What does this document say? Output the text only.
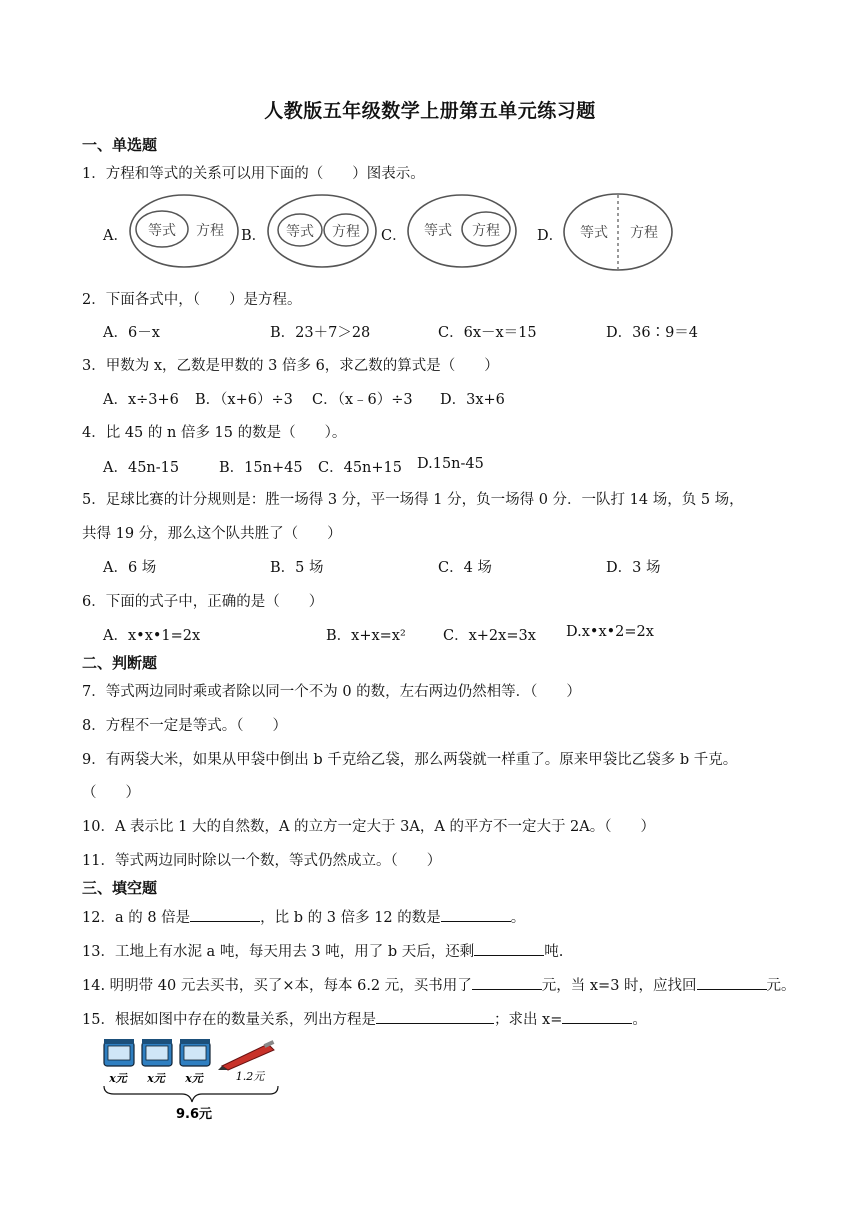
人教版五年级数学上册第五单元练习题
一、单选题
1．方程和等式的关系可以用下面的（　　）图表示。
A． 等式 方程 B． 等式 方程 C． 等式 方程	D． 等式 方程
2．下面各式中，（　　）是方程。
A．6－x	B．23＋7＞28	C．6x－x＝15	D．36∶9＝4
3．甲数为 x，乙数是甲数的 3 倍多 6，求乙数的算式是（　　）
A．x÷3+6 B．（x+6）÷3 C．（x﹣6）÷3 D．3x+6
4．比 45 的 n 倍多 15 的数是（　　）。
A．45n-15	B．15n+45 C．45n+15 D.15n-45
5．足球比赛的计分规则是：胜一场得 3 分，平一场得 1 分，负一场得 0 分．一队打 14 场，负 5 场，
共得 19 分，那么这个队共胜了（　　）
A．6 场	B．5 场	C．4 场	D．3 场
6．下面的式子中，正确的是（　　）
A．x•x•1=2x	B．x+x=x²	C．x+2x=3x D.x•x•2=2x
二、判断题
7．等式两边同时乘或者除以同一个不为 0 的数，左右两边仍然相等．（　　）
8．方程不一定是等式。（　　）
9．有两袋大米，如果从甲袋中倒出 b 千克给乙袋，那么两袋就一样重了。原来甲袋比乙袋多 b 千克。
（　　）
10．A 表示比 1 大的自然数，A 的立方一定大于 3A，A 的平方不一定大于 2A。（　　）
11．等式两边同时除以一个数，等式仍然成立。（　　）
三、填空题
12．a 的 8 倍是	，比 b 的 3 倍多 12 的数是	。
13．工地上有水泥 a 吨，每天用去 3 吨，用了 b 天后，还剩	吨.
14. 明明带 40 元去买书，买了×本，每本 6.2 元，买书用了	元，当 x=3 时，应找回	元。
15．根据如图中存在的数量关系，列出方程是	；求出 x=	。
x元 x元 x元	1.2元
9.6元
